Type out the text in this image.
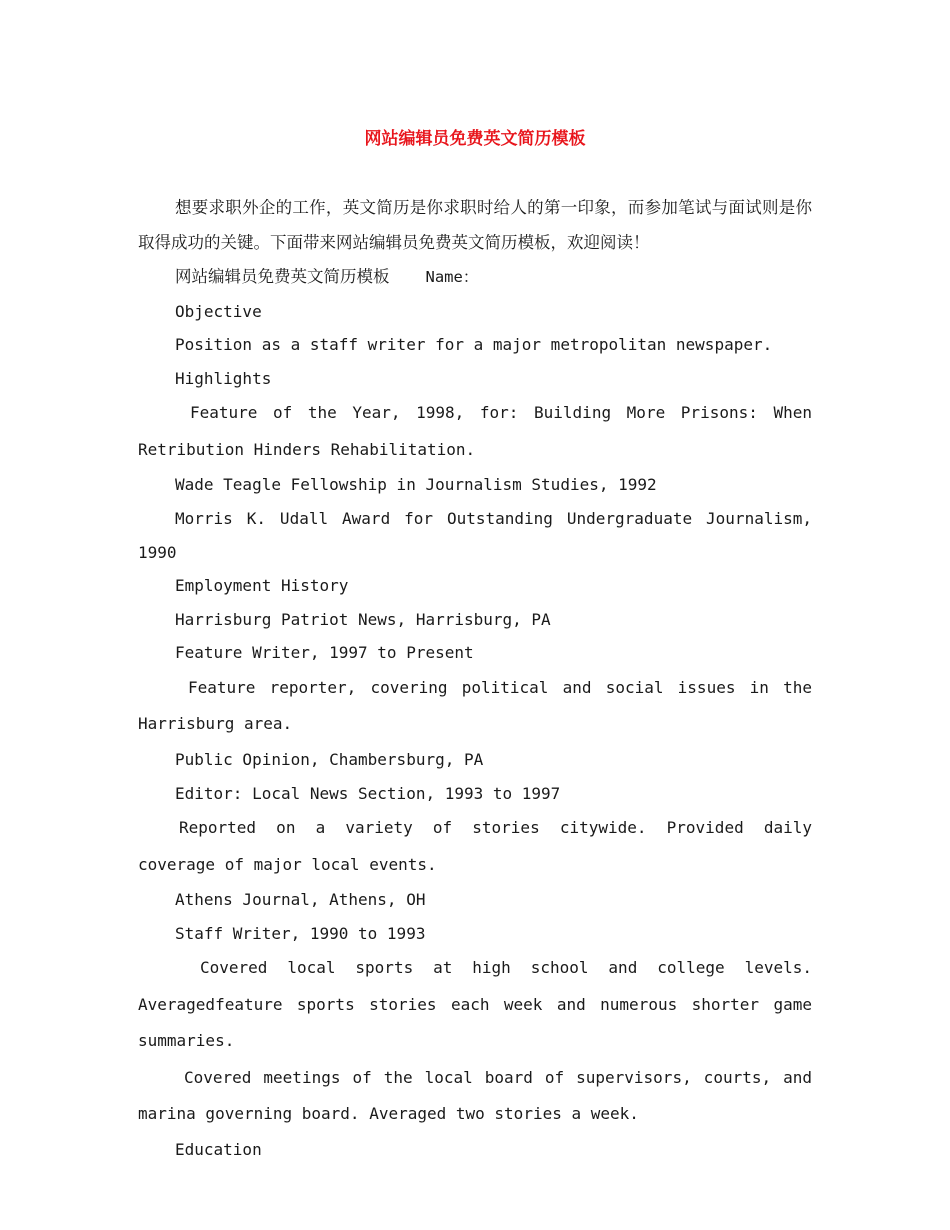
网站编辑员免费英文简历模板

想要求职外企的工作，英文简历是你求职时给人的第一印象，而参加笔试与面试则是你取得成功的关键。下面带来网站编辑员免费英文简历模板，欢迎阅读！

网站编辑员免费英文简历模板 Name：

Objective

Position as a staff writer for a major metropolitan newspaper.

Highlights

Feature of the Year, 1998, for: Building More Prisons: When Retribution Hinders Rehabilitation.

Wade Teagle Fellowship in Journalism Studies, 1992

Morris K. Udall Award for Outstanding Undergraduate Journalism, 1990

Employment History

Harrisburg Patriot News, Harrisburg, PA

Feature Writer, 1997 to Present

Feature reporter, covering political and social issues in the Harrisburg area.

Public Opinion, Chambersburg, PA

Editor: Local News Section, 1993 to 1997

Reported on a variety of stories citywide. Provided daily coverage of major local events.

Athens Journal, Athens, OH

Staff Writer, 1990 to 1993

Covered local sports at high school and college levels. Averagedfeature sports stories each week and numerous shorter game summaries.

Covered meetings of the local board of supervisors, courts, and marina governing board. Averaged two stories a week.

Education
